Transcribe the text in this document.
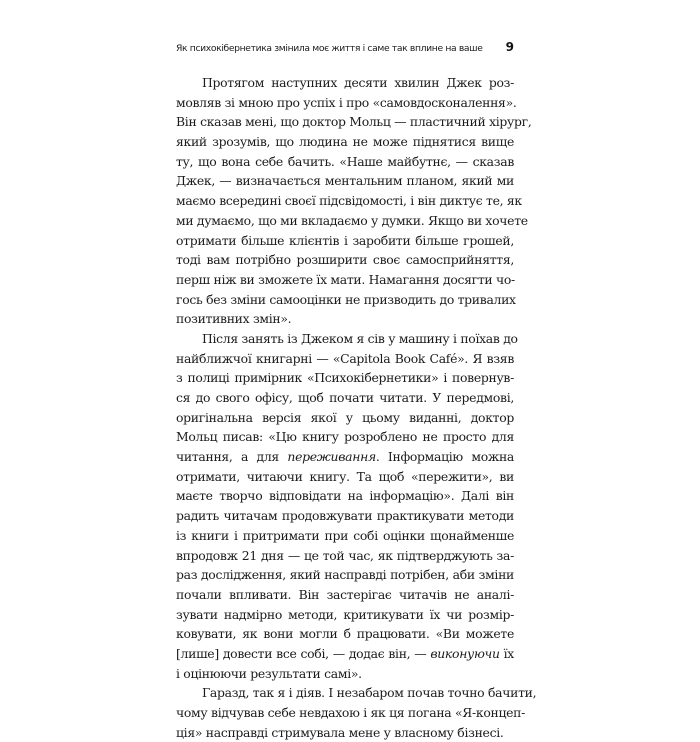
Як психокібернетика змінила моє життя і саме так вплине на ваше 9
Протягом наступних десяти хвилин Джек роз-
мовляв зі мною про успіх і про «самовдосконалення».
Він сказав мені, що доктор Мольц — пластичний хірург,
який зрозумів, що людина не може піднятися вище
ту, що вона себе бачить. «Наше майбутнє, — сказав
Джек, — визначається ментальним планом, який ми
маємо всередині своєї підсвідомості, і він диктує те, як
ми думаємо, що ми вкладаємо у думки. Якщо ви хочете
отримати більше клієнтів і заробити більше грошей,
тоді вам потрібно розширити своє самосприйняття,
перш ніж ви зможете їх мати. Намагання досягти чо-
гось без зміни самооцінки не призводить до тривалих
позитивних змін».
Після занять із Джеком я сів у машину і поїхав до
найближчої книгарні — «Capitola Book Café». Я взяв
з полиці примірник «Психокібернетики» і повернув-
ся до свого офісу, щоб почати читати. У передмові,
оригінальна версія якої у цьому виданні, доктор
Мольц писав: «Цю книгу розроблено не просто для
читання, а для переживання. Інформацію можна
отримати, читаючи книгу. Та щоб «пережити», ви
маєте творчо відповідати на інформацію». Далі він
радить читачам продовжувати практикувати методи
із книги і притримати при собі оцінки щонайменше
впродовж 21 дня — це той час, як підтверджують за-
раз дослідження, який насправді потрібен, аби зміни
почали впливати. Він застерігає читачів не аналі-
зувати надмірно методи, критикувати їх чи розмір-
ковувати, як вони могли б працювати. «Ви можете
[лише] довести все собі, — додає він, — виконуючи їх
і оцінюючи результати самі».
Гаразд, так я і діяв. І незабаром почав точно бачити,
чому відчував себе невдахою і як ця погана «Я-концеп-
ція» насправді стримувала мене у власному бізнесі.
